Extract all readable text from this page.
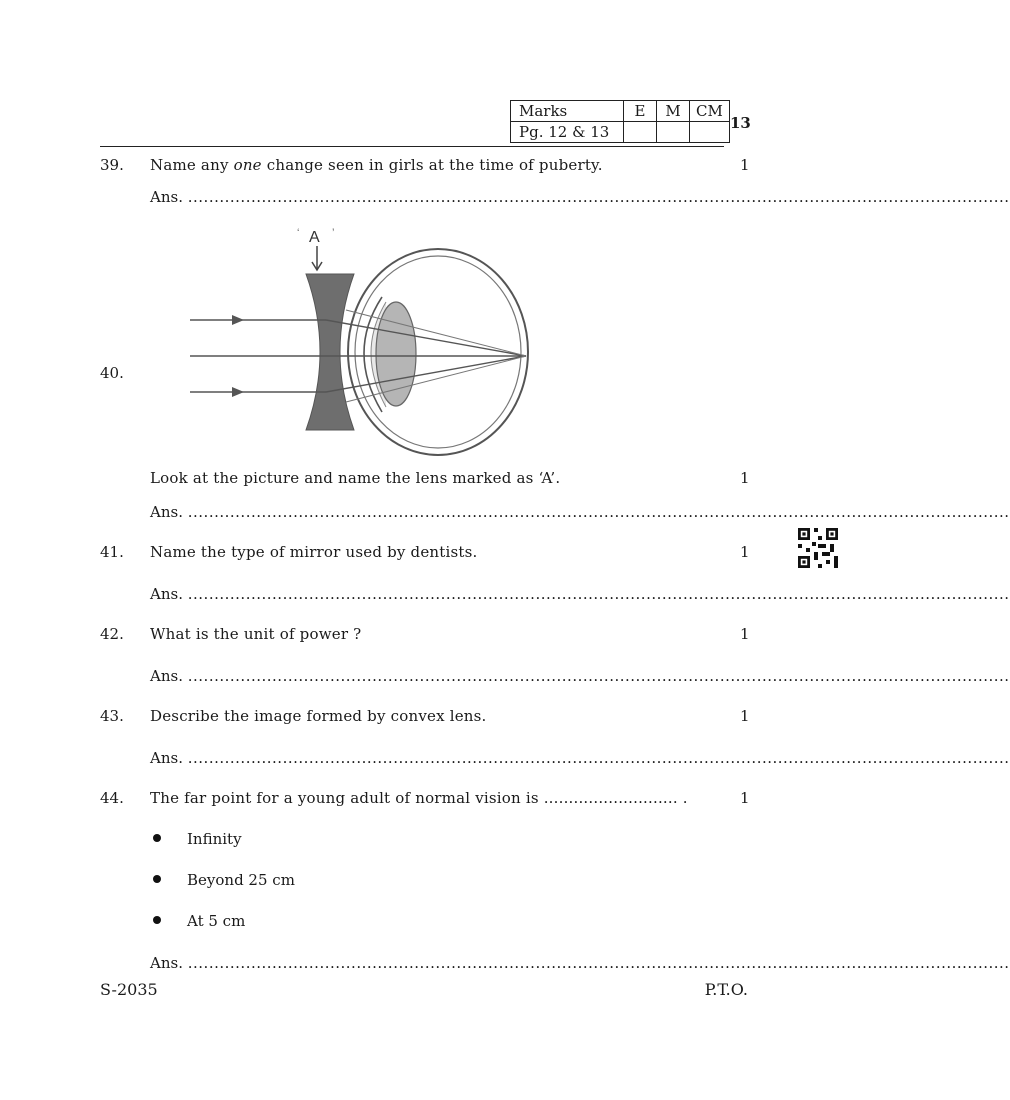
Marks	E	M	CM
Pg. 12 & 13				13
39. Name any one change seen in girls at the time of puberty.	1
Ans. ............................................................................................................................................................
40.
A
‘	’
Look at the picture and name the lens marked as ‘A’.	1
Ans. ............................................................................................................................................................
41. Name the type of mirror used by dentists.	1
Ans. ............................................................................................................................................................
42. What is the unit of power ?	1
Ans. ............................................................................................................................................................
43. Describe the image formed by convex lens.	1
Ans. ............................................................................................................................................................
44. The far point for a young adult of normal vision is ........................... .	1
Infinity
Beyond 25 cm
At 5 cm
Ans. ............................................................................................................................................................
S-2035	P.T.O.
